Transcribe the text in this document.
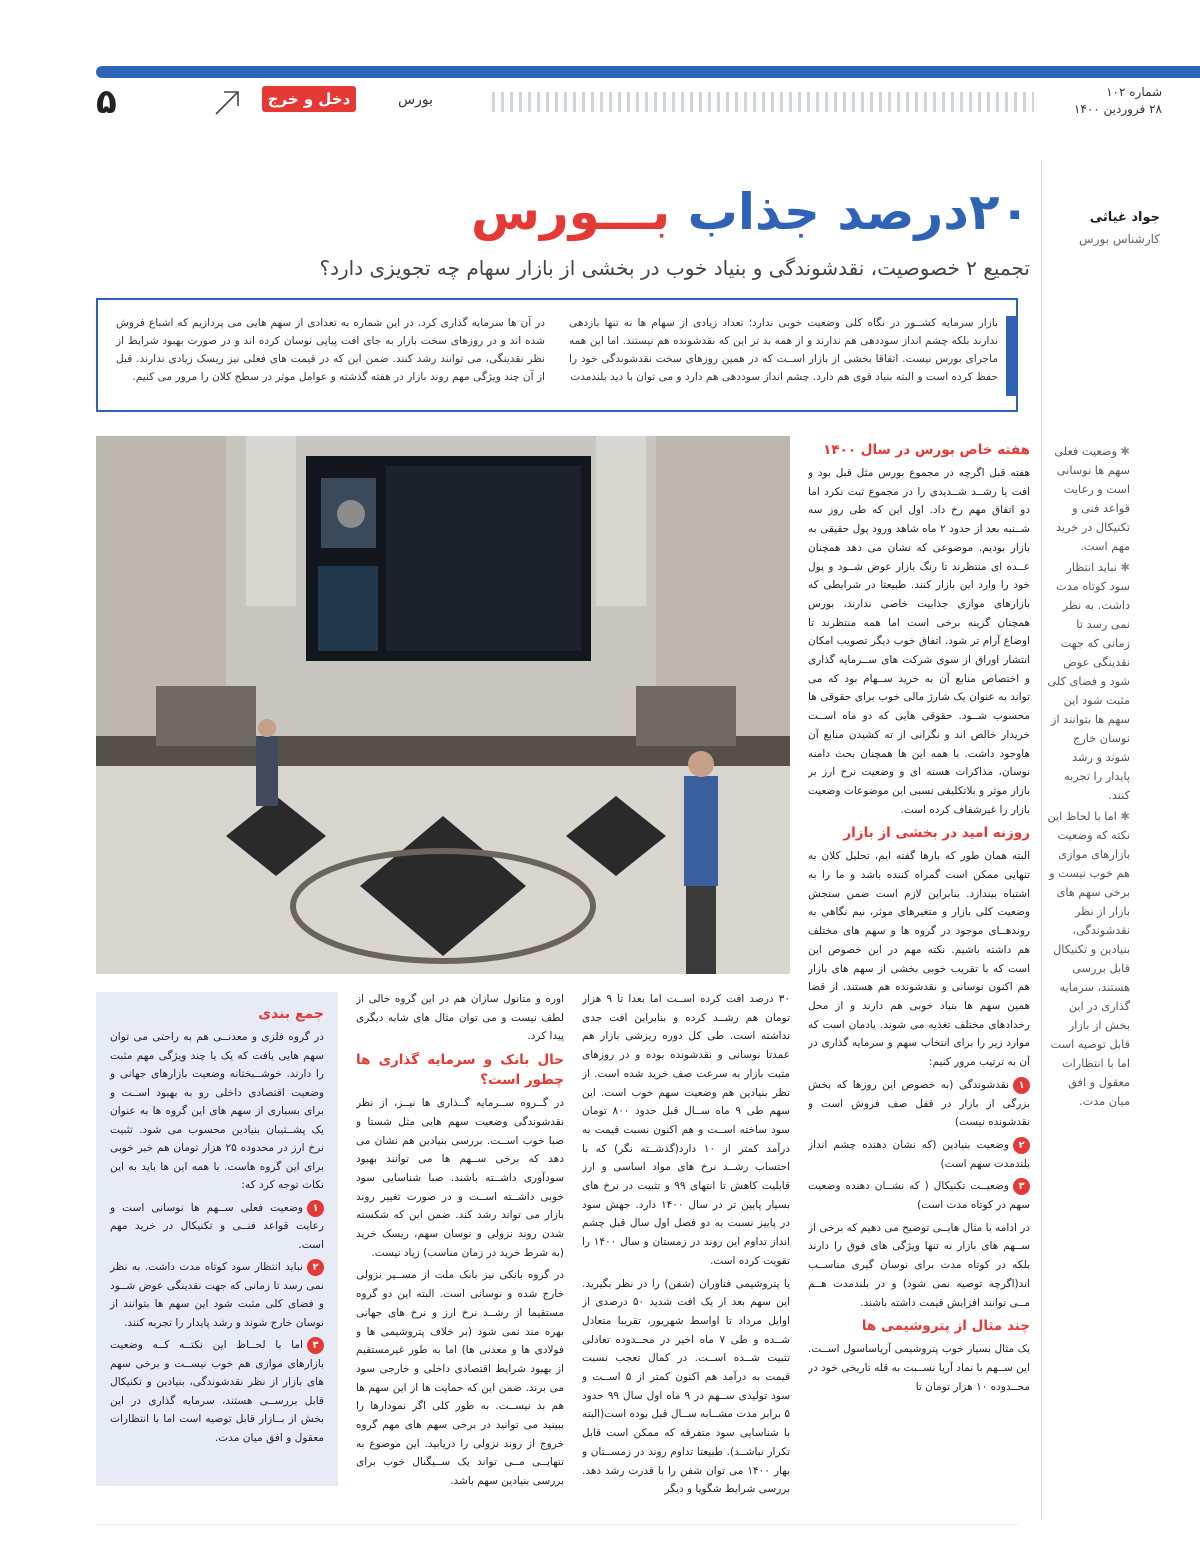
۵	دخل و خرج	بورس	شماره ۱۰۲
۲۸ فروردین ۱۴۰۰
جواد غیاثی
کارشناس بورس
۲۰درصد جذاب بـــورس
تجمیع ۲ خصوصیت، نقدشوندگی و بنیاد خوب در بخشی از بازار سهام چه تجویزی دارد؟

بازار سرمایه کشــور در نگاه کلی وضعیت خوبی ندارد؛ تعداد زیادی از سهام ها نه تنها بازدهی ندارند بلکه چشم انداز سوددهی هم ندارند و از همه بد تر این که نقدشونده هم نیستند. اما این همه ماجرای بورس نیست. اتفاقا بخشی از بازار اســت که در همین روزهای سخت نقدشوندگی خود را حفظ کرده است و البته بنیاد قوی هم دارد. چشم انداز سوددهی هم دارد و می توان با دید بلندمدت

در آن ها سرمایه گذاری کرد. در این شماره به تعدادی از سهم هایی می پردازیم که اشباع فروش شده اند و در روزهای سخت بازار به جای افت پیاپی نوسان کرده اند و در صورت بهبود شرایط از نظر نقدینگی، می توانند رشد کنند. ضمن این که در قیمت های فعلی نیز ریسک زیادی ندارند. قبل از آن چند ویژگی مهم روند بازار در هفته گذشته و عوامل موثر در سطح کلان را مرور می کنیم.

هفته خاص بورس در سال ۱۴۰۰

هفته قبل اگرچه در مجموع بورس مثل قبل بود و افت یا رشــد شــدیدی را در مجموع ثبت نکرد اما دو اتفاق مهم رخ داد. اول این که طی روز سه شــنبه بعد از حدود ۲ ماه شاهد ورود پول حقیقی به بازار بودیم. موضوعی که نشان می دهد همچنان عــده ای منتظرند تا رنگ بازار عوض شــود و پول خود را وارد این بازار کنند. طبیعتا در شرایطی که بازارهای موازی جذابیت خاصی ندارند، بورس همچنان گزینه برخی است اما همه منتظرند تا اوضاع آرام تر شود. اتفاق خوب دیگر تصویب امکان انتشار اوراق از سوی شرکت های ســرمایه گذاری و اختصاص منابع آن به خرید ســهام بود که می تواند به عنوان یک شارژ مالی خوب برای حقوقی ها محسوب شــود. حقوقی هایی که دو ماه اســت خریدار خالص اند و نگرانی از ته کشیدن منابع آن هاوجود داشت. با همه این ها همچنان بحث دامنه نوسان، مذاکرات هسته ای و وضعیت نرخ ارز بر بازار موثر و بلاتکلیفی نسبی این موضوعات وضعیت بازار را غیرشفاف کرده است.

روزنه امید در بخشی از بازار

البته همان طور که بارها گفته ایم، تحلیل کلان به تنهایی ممکن است گمراه کننده باشد و ما را به اشتباه بیندازد. بنابراین لازم است ضمن سنجش وضعیت کلی بازار و متغیرهای موثر، نیم نگاهی به روندهــای موجود در گروه ها و سهم های مختلف هم داشته باشیم. نکته مهم در این خصوص این است که با تقریب خوبی بخشی از سهم های بازار هم اکنون نوسانی و نقدشونده هم هستند. از قضا همین سهم ها بنیاد خوبی هم دارند و از محل رخدادهای مختلف تغذیه می شوند. یادمان است که موارد زیر را برای انتخاب سهم و سرمایه گذاری در آن به ترتیب مرور کنیم:

۱نقدشوندگی (به خصوص این روزها که بخش بزرگی از بازار در قفل صف فروش است و نقدشونده نیست)

۲وضعیت بنیادین (که نشان دهنده چشم انداز بلندمدت سهم است)

۳وضعیــت تکنیکال ( که نشــان دهنده وضعیت سهم در کوتاه مدت است)

در ادامه با مثال هایــی توضیح می دهیم که برخی از ســهم های بازار نه تنها ویژگی های فوق را دارند بلکه در کوتاه مدت برای نوسان گیری مناســب اند(اگرچه توصیه نمی شود) و در بلندمدت هــم مــی توانند افزایش قیمت داشته باشند.

چند مثال از پتروشیمی ها

یک مثال بسیار خوب پتروشیمی آریاساسول اســت. این ســهم با نماد آریا نســبت به قله تاریخی خود در محــدوده ۱۰ هزار تومان تا

۳۰ درصد افت کرده اســت اما بعدا تا ۹ هزار تومان هم رشــد کرده و بنابراین افت جدی نداشته است. طی کل دوره ریزشی بازار هم عمدتا نوسانی و نقدشونده بوده و در روزهای مثبت بازار به سرعت صف خرید شده است. از نظر بنیادین هم وضعیت سهم خوب است. این سهم طی ۹ ماه ســال قبل حدود ۸۰۰ تومان سود ساخته اســت و هم اکنون نسبت قیمت به درآمد کمتر از ۱۰ دارد(گذشــته نگر) که با احتساب رشــد نرخ های مواد اساسی و ارز قابلیت کاهش تا انتهای ۹۹ و تثبیت در نرخ های بسیار پایین تر در سال ۱۴۰۰ دارد. جهش سود در پاییز نسبت به دو فصل اول سال قبل چشم انداز تداوم این روند در زمستان و سال ۱۴۰۰ را تقویت کرده است.

یا پتروشیمی فناوران (شفن) را در نظر بگیرید. این سهم بعد از یک افت شدید ۵۰ درصدی از اوایل مرداد تا اواسط شهریور، تقریبا متعادل شــده و طی ۷ ماه اخیر در محــدوده تعادلی تثبیت شــده اســت. در کمال تعجب نسبت قیمت به درآمد هم اکنون کمتر از ۵ اســت و سود تولیدی ســهم در ۹ ماه اول سال ۹۹ حدود ۵ برابر مدت مشــابه ســال قبل بوده است(البته با شناسایی سود متفرقه که ممکن است قابل تکرار نباشــد). طبیعتا تداوم روند در زمســتان و بهار ۱۴۰۰ می توان شفن را با قدرت رشد دهد. بررسی شرایط شگویا و دیگر

اوره و متانول سازان هم در این گروه خالی از لطف نیست و می توان مثال های شابه دیگری پیدا کرد.

حال بانک و سرمایه گذاری ها چطور است؟

در گــروه ســرمایه گــذاری ها نیــز، از نظر نقدشوندگی وضعیت سهم هایی مثل شستا و صبا خوب اســت. بررسی بنیادین هم نشان می دهد که برخی ســهم ها می توانند بهبود سودآوری داشــته باشند. صبا شناسایی سود خوبی داشــته اســت و در صورت تغییر روند بازار می تواند رشد کند. ضمن این که شکسته شدن روند نزولی و نوسان سهم، ریسک خرید (به شرط خرید در زمان مناسب) زیاد نیست.

در گروه بانکی نیز بانک ملت از مســیر نزولی خارج شده و نوسانی است. البته این دو گروه مستقیما از رشــد نرخ ارز و نرخ های جهانی بهره مند نمی شود (بر خلاف پتروشیمی ها و فولادی ها و معدنی ها) اما به طور غیرمستقیم از بهبود شرایط اقتصادی داخلی و خارجی سود می برند. ضمن این که حمایت ها از این سهم ها هم بد نیســت. به طور کلی اگر نمودارها را ببینید می توانید در برخی سهم های مهم گروه خروج از روند نزولی را دریابید. این موضوع به تنهایــی مــی تواند یک ســیگنال خوب برای بررسی بنیادین سهم باشد.

جمع بندی

در گروه فلزی و معدنــی هم به راحتی می توان سهم هایی یافت که یک یا چند ویژگی مهم مثبت را دارند. خوشــبختانه وضعیت بازارهای جهانی و وضعیت اقتصادی داخلی رو به بهبود اســت و برای بسیاری از سهم های این گروه ها به عنوان یک پشــتیبان بنیادین محسوب می شود. تثبیت نرخ ارز در محدوده ۲۵ هزار تومان هم خبر خوبی برای این گروه هاست. با همه این ها باید به این نکات توجه کرد که:

۱وضعیت فعلی ســهم ها نوسانی است و رعایت قواعد فنــی و تکنیکال در خرید مهم است.

۲نباید انتظار سود کوتاه مدت داشت. به نظر نمی رسد تا زمانی که جهت نقدینگی عوض شــود و فضای کلی مثبت شود این سهم ها بتوانند از نوسان خارج شوند و رشد پایدار را تجربه کنند.

۳اما با لحــاظ این نکتــه کــه وضعیت بازارهای موازی هم خوب نیســت و برخی سهم های بازار از نظر نقدشوندگی، بنیادین و تکنیکال قابل بررســی هستند، سرمایه گذاری در این بخش از بــازار قابل توصیه است اما با انتظارات معقول و افق میان مدت.

✱ وضعیت فعلی سهم ها نوسانی است و رعایت قواعد فنی و تکنیکال در خرید مهم است.

✱ نباید انتظار سود کوتاه مدت داشت. به نظر نمی رسد تا زمانی که جهت نقدینگی عوض شود و فضای کلی مثبت شود این سهم ها بتوانند از نوسان خارج شوند و رشد پایدار را تجربه کنند.

✱ اما با لحاظ این نکته که وضعیت بازارهای موازی هم خوب نیست و برخی سهم های بازار از نظر نقدشوندگی، بنیادین و تکنیکال قابل بررسی هستند، سرمایه گذاری در این بخش از بازار قابل توصیه است اما با انتظارات معقول و افق میان مدت.
